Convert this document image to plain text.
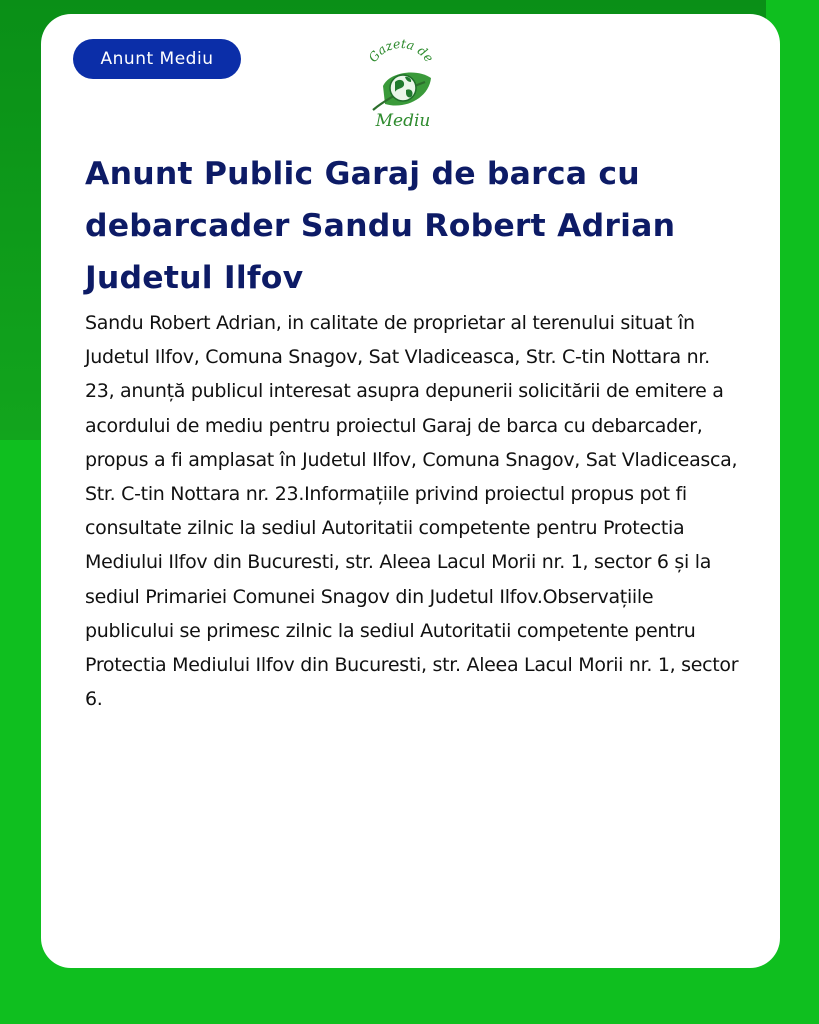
Anunt Mediu	Gazeta de
Mediu
Anunt Public Garaj de barca cu debarcader Sandu Robert Adrian Judetul Ilfov

Sandu Robert Adrian, in calitate de proprietar al terenului situat în Judetul Ilfov, Comuna Snagov, Sat Vladiceasca, Str. C-tin Nottara nr. 23, anunță publicul interesat asupra depunerii solicitării de emitere a acordului de mediu pentru proiectul Garaj de barca cu debarcader, propus a fi amplasat în Judetul Ilfov, Comuna Snagov, Sat Vladiceasca, Str. C-tin Nottara nr. 23.Informațiile privind proiectul propus pot fi consultate zilnic la sediul Autoritatii competente pentru Protectia Mediului Ilfov din Bucuresti, str. Aleea Lacul Morii nr. 1, sector 6 și la sediul Primariei Comunei Snagov din Judetul Ilfov.Observațiile publicului se primesc zilnic la sediul Autoritatii competente pentru Protectia Mediului Ilfov din Bucuresti, str. Aleea Lacul Morii nr. 1, sector 6.
